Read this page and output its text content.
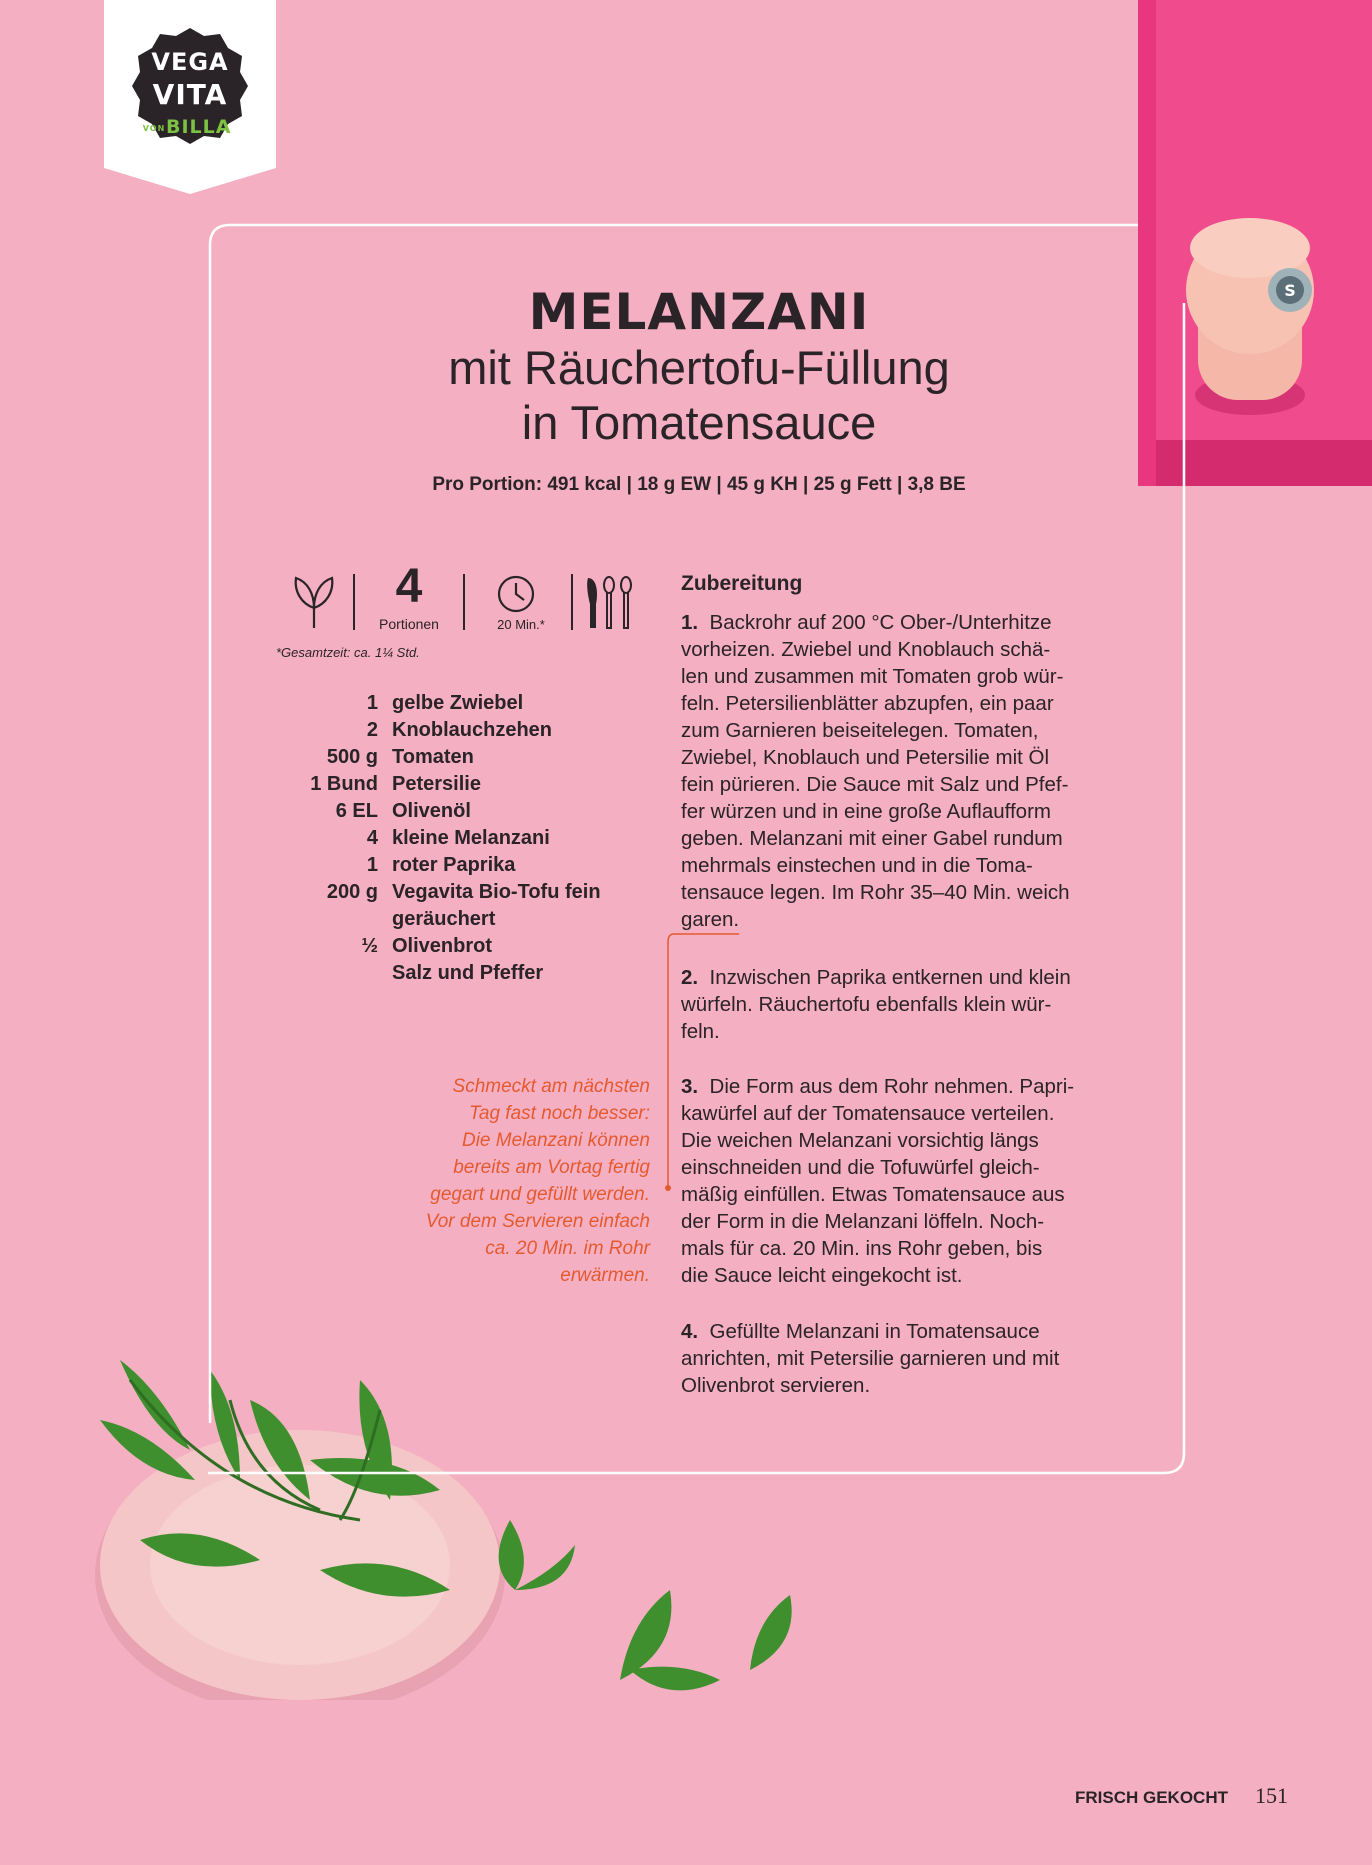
S
VEGA
VITA
VON BILLA
MELANZANI
mit Räuchertofu-Füllung
in Tomatensauce
Pro Portion: 491 kcal | 18 g EW | 45 g KH | 25 g Fett | 3,8 BE
4
Portionen	20 Min.*
*Gesamtzeit: ca. 1¼ Std.
1 gelbe Zwiebel
2 Knoblauchzehen
500 g Tomaten
1 Bund Petersilie
6 EL Olivenöl
4 kleine Melanzani
1 roter Paprika
200 g Vegavita Bio-Tofu fein
geräuchert
½ Olivenbrot
Salz und Pfeffer
Schmeckt am nächsten
Tag fast noch besser:
Die Melanzani können
bereits am Vortag fertig
gegart und gefüllt werden.
Vor dem Servieren einfach
ca. 20 Min. im Rohr
erwärmen.
Zubereitung
1. Backrohr auf 200 °C Ober-/Unterhitze
vorheizen. Zwiebel und Knoblauch schä-
len und zusammen mit Tomaten grob wür-
feln. Petersilienblätter abzupfen, ein paar
zum Garnieren beiseitelegen. Tomaten,
Zwiebel, Knoblauch und Petersilie mit Öl
fein pürieren. Die Sauce mit Salz und Pfef-
fer würzen und in eine große Auflaufform
geben. Melanzani mit einer Gabel rundum
mehrmals einstechen und in die Toma-
tensauce legen. Im Rohr 35–40 Min. weich
garen.
2. Inzwischen Paprika entkernen und klein
würfeln. Räuchertofu ebenfalls klein wür-
feln.
3. Die Form aus dem Rohr nehmen. Papri-
kawürfel auf der Tomatensauce verteilen.
Die weichen Melanzani vorsichtig längs
einschneiden und die Tofuwürfel gleich-
mäßig einfüllen. Etwas Tomatensauce aus
der Form in die Melanzani löffeln. Noch-
mals für ca. 20 Min. ins Rohr geben, bis
die Sauce leicht eingekocht ist.
4. Gefüllte Melanzani in Tomatensauce
anrichten, mit Petersilie garnieren und mit
Olivenbrot servieren.
FRISCH GEKOCHT 151
